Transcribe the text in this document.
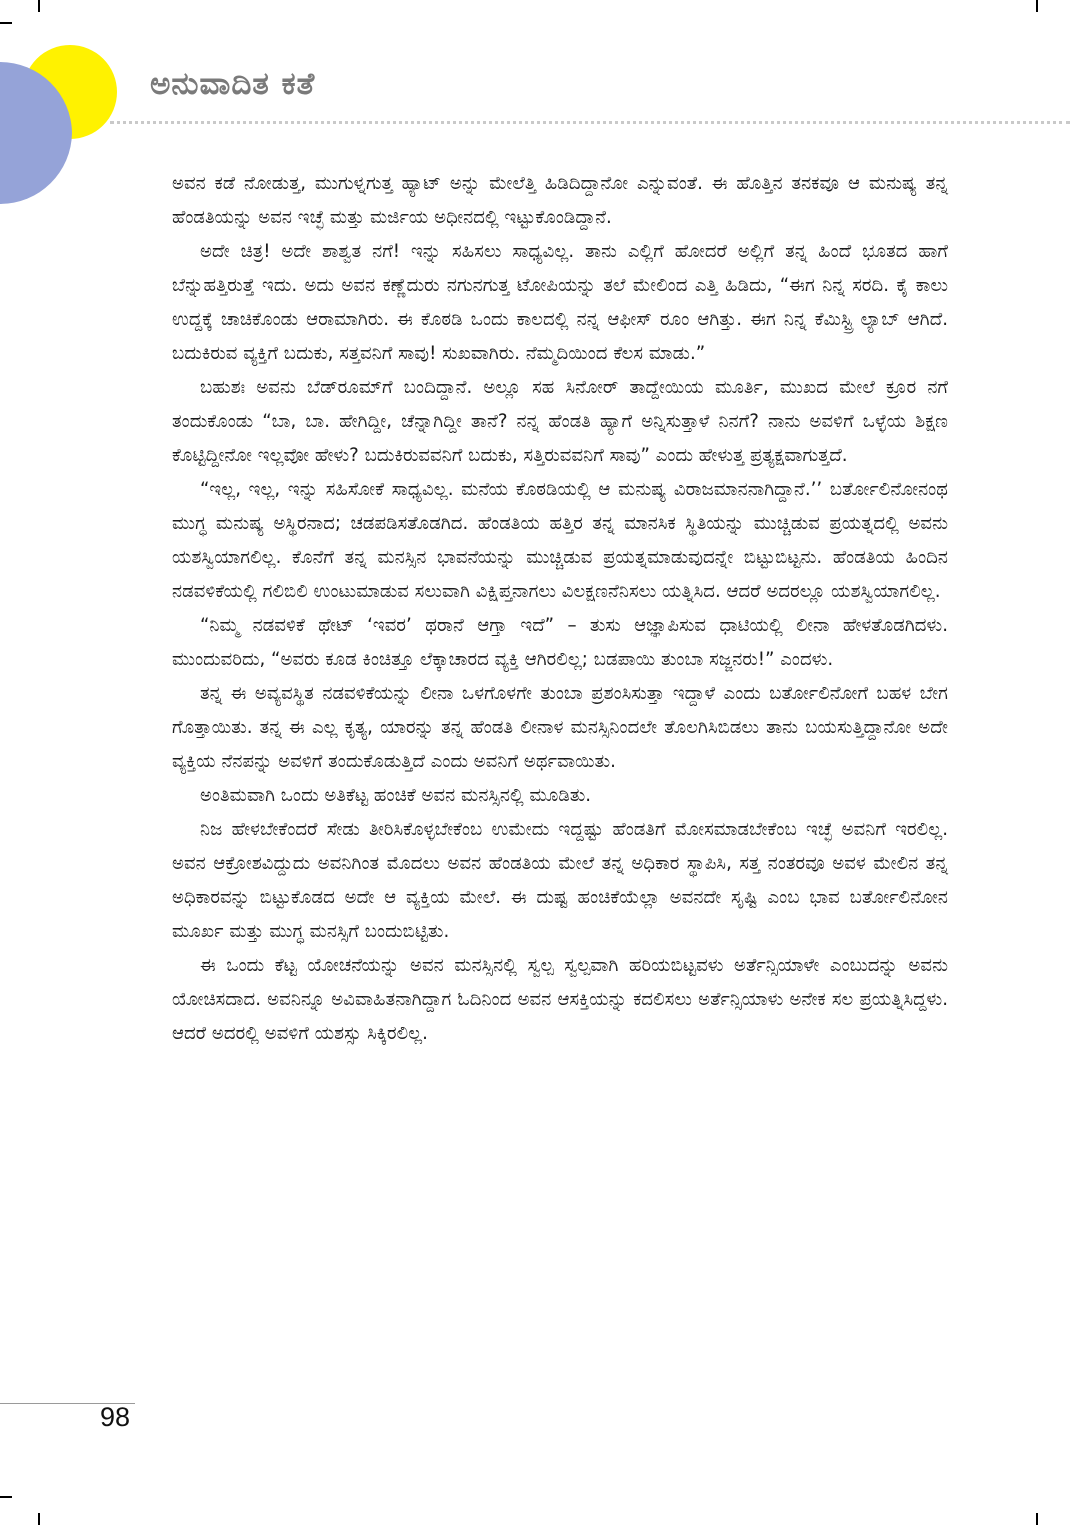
ಅನುವಾದಿತ ಕತೆ

ಅವನ ಕಡೆ ನೋಡುತ್ತ, ಮುಗುಳ್ನಗುತ್ತ ಹ್ಯಾಟ್ ಅನ್ನು ಮೇಲೆತ್ತಿ ಹಿಡಿದಿದ್ದಾನೋ ಎನ್ನುವಂತೆ. ಈ ಹೊತ್ತಿನ ತನಕವೂ ಆ ಮನುಷ್ಯ ತನ್ನ ಹೆಂಡತಿಯನ್ನು ಅವನ ಇಚ್ಛೆ ಮತ್ತು ಮರ್ಜಿಯ ಅಧೀನದಲ್ಲಿ ಇಟ್ಟುಕೊಂಡಿದ್ದಾನೆ.

ಅದೇ ಚಿತ್ರ! ಅದೇ ಶಾಶ್ವತ ನಗೆ! ಇನ್ನು ಸಹಿಸಲು ಸಾಧ್ಯವಿಲ್ಲ. ತಾನು ಎಲ್ಲಿಗೆ ಹೋದರೆ ಅಲ್ಲಿಗೆ ತನ್ನ ಹಿಂದೆ ಭೂತದ ಹಾಗೆ ಬೆನ್ನುಹತ್ತಿರುತ್ತೆ ಇದು. ಅದು ಅವನ ಕಣ್ಣೆದುರು ನಗುನಗುತ್ತ ಟೋಪಿಯನ್ನು ತಲೆ ಮೇಲಿಂದ ಎತ್ತಿ ಹಿಡಿದು, “ಈಗ ನಿನ್ನ ಸರದಿ. ಕೈ ಕಾಲು ಉದ್ದಕ್ಕೆ ಚಾಚಿಕೊಂಡು ಆರಾಮಾಗಿರು. ಈ ಕೊಠಡಿ ಒಂದು ಕಾಲದಲ್ಲಿ ನನ್ನ ಆಫೀಸ್ ರೂಂ ಆಗಿತ್ತು. ಈಗ ನಿನ್ನ ಕೆಮಿಸ್ಟ್ರಿ ಲ್ಯಾಬ್ ಆಗಿದೆ. ಬದುಕಿರುವ ವ್ಯಕ್ತಿಗೆ ಬದುಕು, ಸತ್ತವನಿಗೆ ಸಾವು! ಸುಖವಾಗಿರು. ನೆಮ್ಮದಿಯಿಂದ ಕೆಲಸ ಮಾಡು.”

ಬಹುಶಃ ಅವನು ಬೆಡ್‌ರೂಮ್‌ಗೆ ಬಂದಿದ್ದಾನೆ. ಅಲ್ಲೂ ಸಹ ಸಿನೋರ್ ತಾದ್ದೇಯಿಯ ಮೂರ್ತಿ, ಮುಖದ ಮೇಲೆ ಕ್ರೂರ ನಗೆ ತಂದುಕೊಂಡು “ಬಾ, ಬಾ. ಹೇಗಿದ್ದೀ, ಚೆನ್ನಾಗಿದ್ದೀ ತಾನೆ? ನನ್ನ ಹೆಂಡತಿ ಹ್ಯಾಗೆ ಅನ್ನಿಸುತ್ತಾಳೆ ನಿನಗೆ? ನಾನು ಅವಳಿಗೆ ಒಳ್ಳೆಯ ಶಿಕ್ಷಣ ಕೊಟ್ಟಿದ್ದೀನೋ ಇಲ್ಲವೋ ಹೇಳು? ಬದುಕಿರುವವನಿಗೆ ಬದುಕು, ಸತ್ತಿರುವವನಿಗೆ ಸಾವು” ಎಂದು ಹೇಳುತ್ತ ಪ್ರತ್ಯಕ್ಷವಾಗುತ್ತದೆ.

“ಇಲ್ಲ, ಇಲ್ಲ, ಇನ್ನು ಸಹಿಸೋಕೆ ಸಾಧ್ಯವಿಲ್ಲ. ಮನೆಯ ಕೊಠಡಿಯಲ್ಲಿ ಆ ಮನುಷ್ಯ ವಿರಾಜಮಾನನಾಗಿದ್ದಾನೆ.’’ ಬರ್ತೋಲಿನೋನಂಥ ಮುಗ್ಧ ಮನುಷ್ಯ ಅಸ್ಥಿರನಾದ; ಚಡಪಡಿಸತೊಡಗಿದ. ಹೆಂಡತಿಯ ಹತ್ತಿರ ತನ್ನ ಮಾನಸಿಕ ಸ್ಥಿತಿಯನ್ನು ಮುಚ್ಚಿಡುವ ಪ್ರಯತ್ನದಲ್ಲಿ ಅವನು ಯಶಸ್ವಿಯಾಗಲಿಲ್ಲ. ಕೊನೆಗೆ ತನ್ನ ಮನಸ್ಸಿನ ಭಾವನೆಯನ್ನು ಮುಚ್ಚಿಡುವ ಪ್ರಯತ್ನಮಾಡುವುದನ್ನೇ ಬಿಟ್ಟುಬಿಟ್ಟನು. ಹೆಂಡತಿಯ ಹಿಂದಿನ ನಡವಳಿಕೆಯಲ್ಲಿ ಗಲಿಬಿಲಿ ಉಂಟುಮಾಡುವ ಸಲುವಾಗಿ ವಿಕ್ಷಿಪ್ತನಾಗಲು ವಿಲಕ್ಷಣನೆನಿಸಲು ಯತ್ನಿಸಿದ. ಆದರೆ ಅದರಲ್ಲೂ ಯಶಸ್ವಿಯಾಗಲಿಲ್ಲ.

“ನಿಮ್ಮ ನಡವಳಿಕೆ ಥೇಟ್ ‘ಇವರ’ ಥರಾನೆ ಆಗ್ತಾ ಇದೆ” – ತುಸು ಆಜ್ಞಾಪಿಸುವ ಧಾಟಿಯಲ್ಲಿ ಲೀನಾ ಹೇಳತೊಡಗಿದಳು. ಮುಂದುವರಿದು, “ಅವರು ಕೂಡ ಕಿಂಚಿತ್ತೂ ಲೆಕ್ಕಾಚಾರದ ವ್ಯಕ್ತಿ ಆಗಿರಲಿಲ್ಲ; ಬಡಪಾಯಿ ತುಂಬಾ ಸಜ್ಜನರು!” ಎಂದಳು.

ತನ್ನ ಈ ಅವ್ಯವಸ್ಥಿತ ನಡವಳಿಕೆಯನ್ನು ಲೀನಾ ಒಳಗೊಳಗೇ ತುಂಬಾ ಪ್ರಶಂಸಿಸುತ್ತಾ ಇದ್ದಾಳೆ ಎಂದು ಬರ್ತೋಲಿನೋಗೆ ಬಹಳ ಬೇಗ ಗೊತ್ತಾಯಿತು. ತನ್ನ ಈ ಎಲ್ಲ ಕೃತ್ಯ, ಯಾರನ್ನು ತನ್ನ ಹೆಂಡತಿ ಲೀನಾಳ ಮನಸ್ಸಿನಿಂದಲೇ ತೊಲಗಿಸಿಬಿಡಲು ತಾನು ಬಯಸುತ್ತಿದ್ದಾನೋ ಅದೇ ವ್ಯಕ್ತಿಯ ನೆನಪನ್ನು ಅವಳಿಗೆ ತಂದುಕೊಡುತ್ತಿದೆ ಎಂದು ಅವನಿಗೆ ಅರ್ಥವಾಯಿತು.

ಅಂತಿಮವಾಗಿ ಒಂದು ಅತಿಕೆಟ್ಟ ಹಂಚಿಕೆ ಅವನ ಮನಸ್ಸಿನಲ್ಲಿ ಮೂಡಿತು.

ನಿಜ ಹೇಳಬೇಕೆಂದರೆ ಸೇಡು ತೀರಿಸಿಕೊಳ್ಳಬೇಕೆಂಬ ಉಮೇದು ಇದ್ದಷ್ಟು ಹೆಂಡತಿಗೆ ಮೋಸಮಾಡಬೇಕೆಂಬ ಇಚ್ಛೆ ಅವನಿಗೆ ಇರಲಿಲ್ಲ. ಅವನ ಆಕ್ರೋಶವಿದ್ದುದು ಅವನಿಗಿಂತ ಮೊದಲು ಅವನ ಹೆಂಡತಿಯ ಮೇಲೆ ತನ್ನ ಅಧಿಕಾರ ಸ್ಥಾಪಿಸಿ, ಸತ್ತ ನಂತರವೂ ಅವಳ ಮೇಲಿನ ತನ್ನ ಅಧಿಕಾರವನ್ನು ಬಿಟ್ಟುಕೊಡದ ಅದೇ ಆ ವ್ಯಕ್ತಿಯ ಮೇಲೆ. ಈ ದುಷ್ಟ ಹಂಚಿಕೆಯೆಲ್ಲಾ ಅವನದೇ ಸೃಷ್ಟಿ ಎಂಬ ಭಾವ ಬರ್ತೋಲಿನೋನ ಮೂರ್ಖ ಮತ್ತು ಮುಗ್ಧ ಮನಸ್ಸಿಗೆ ಬಂದುಬಿಟ್ಟಿತು.

ಈ ಒಂದು ಕೆಟ್ಟ ಯೋಚನೆಯನ್ನು ಅವನ ಮನಸ್ಸಿನಲ್ಲಿ ಸ್ವಲ್ಪ ಸ್ವಲ್ಪವಾಗಿ ಹರಿಯಬಿಟ್ಟವಳು ಅರ್ತೆನ್ಸಿಯಾಳೇ ಎಂಬುದನ್ನು ಅವನು ಯೋಚಿಸದಾದ. ಅವನಿನ್ನೂ ಅವಿವಾಹಿತನಾಗಿದ್ದಾಗ ಓದಿನಿಂದ ಅವನ ಆಸಕ್ತಿಯನ್ನು ಕದಲಿಸಲು ಅರ್ತೆನ್ಸಿಯಾಳು ಅನೇಕ ಸಲ ಪ್ರಯತ್ನಿಸಿದ್ದಳು. ಆದರೆ ಅದರಲ್ಲಿ ಅವಳಿಗೆ ಯಶಸ್ಸು ಸಿಕ್ಕಿರಲಿಲ್ಲ.

98
